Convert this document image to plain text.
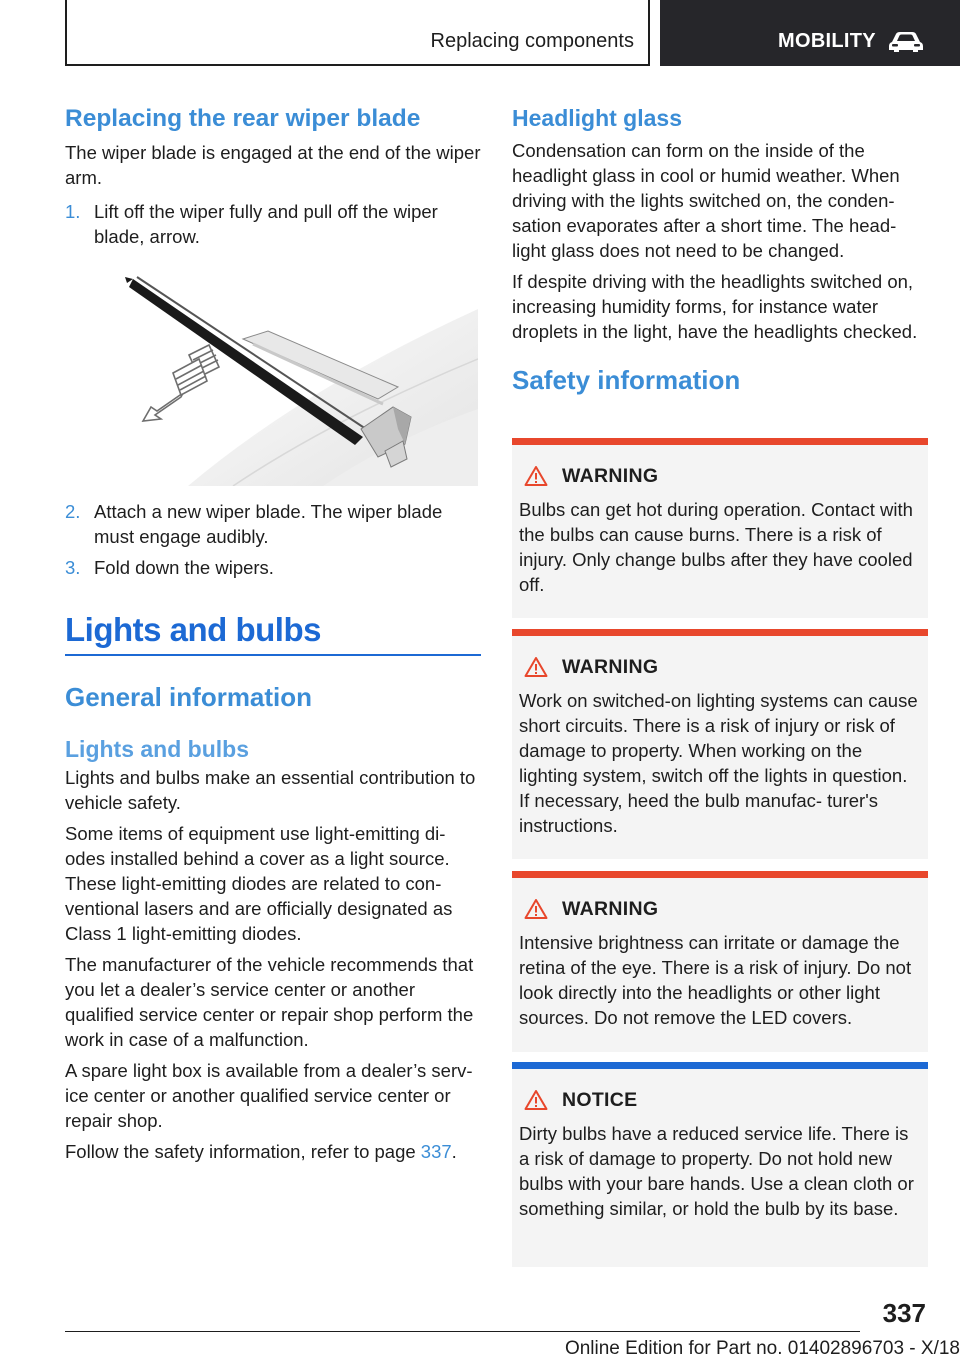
Replacing components	MOBILITY
Replacing the rear wiper blade
The wiper blade is engaged at the end of the wiper arm.
1. Lift off the wiper fully and pull off the wiper blade, arrow.
2. Attach a new wiper blade. The wiper blade must engage audibly.
3. Fold down the wipers.
Lights and bulbs
General information
Lights and bulbs
Lights and bulbs make an essential contribution to vehicle safety.
Some items of equipment use light-emitting di‐ odes installed behind a cover as a light source. These light-emitting diodes are related to con‐ ventional lasers and are officially designated as Class 1 light-emitting diodes.
The manufacturer of the vehicle recommends that you let a dealer’s service center or another qualified service center or repair shop perform the work in case of a malfunction.
A spare light box is available from a dealer’s serv‐ ice center or another qualified service center or repair shop.
Follow the safety information, refer to page 337.
Headlight glass
Condensation can form on the inside of the headlight glass in cool or humid weather. When driving with the lights switched on, the conden‐ sation evaporates after a short time. The head‐ light glass does not need to be changed.
If despite driving with the headlights switched on, increasing humidity forms, for instance water droplets in the light, have the headlights checked.
Safety information
WARNING
Bulbs can get hot during operation. Contact with the bulbs can cause burns. There is a risk of injury. Only change bulbs after they have cooled off.
WARNING
Work on switched-on lighting systems can cause short circuits. There is a risk of injury or risk of damage to property. When working on the lighting system, switch off the lights in question. If necessary, heed the bulb manufac‐ turer's instructions.
WARNING
Intensive brightness can irritate or damage the retina of the eye. There is a risk of injury. Do not look directly into the headlights or other light sources. Do not remove the LED covers.
NOTICE
Dirty bulbs have a reduced service life. There is a risk of damage to property. Do not hold new bulbs with your bare hands. Use a clean cloth or something similar, or hold the bulb by its base.
337
Online Edition for Part no. 01402896703 - X/18
